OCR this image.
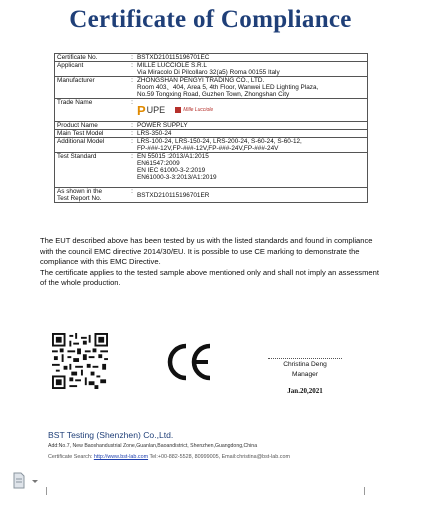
Certificate of Compliance
Certificate No.	:	BSTXD210115196701EC
Applicant	:	MILLE LUCCIOLE S.R.L
Via Miracolo Di Pilcollaro 32(a5) Roma 00155 Italy

Manufacturer	:	ZHONGSHAN PENGYI TRADING CO., LTD.
Room 403、404, Area 5, 4th Floor, Wanwei LED Lighting Plaza,
No.59 Tongxing Road, Guzhen Town, Zhongshan City

Trade Name	:	P UPE Mille Lucciole

Product Name	:	POWER SUPPLY
Main Test Model	:	LRS-350-24
Additional Model	:	LRS-100-24, LRS-150-24, LRS-200-24, S-60-24, S-60-12,
FP-###-12V,FP-###-12V,FP-###-24V,FP-###-24V

Test Standard	:	EN 55015 :2013/A1:2015
EN61547:2009
EN IEC 61000-3-2:2019
EN61000-3-3:2013/A1:2019

As shown in the
Test Report No.	:	BSTXD210115196701ER

The EUT described above has been tested by us with the listed standards and found in compliance with the council EMC directive 2014/30/EU. It is possible to use CE marking to demonstrate the compliance with this EMC Directive.

The certificate applies to the tested sample above mentioned only and shall not imply an assessment of the whole production.

Christina Deng
Manager
Jan.20,2021
BST Testing (Shenzhen) Co.,Ltd.
Add:No.7, New Baoshandustrial Zone,Guanlan,Baoandistrict, Shenzhen,Guangdong,China
Certificate Search: http://www.bst-lab.com Tel:+00-882-5528, 80999005, Email:christina@bst-lab.com
